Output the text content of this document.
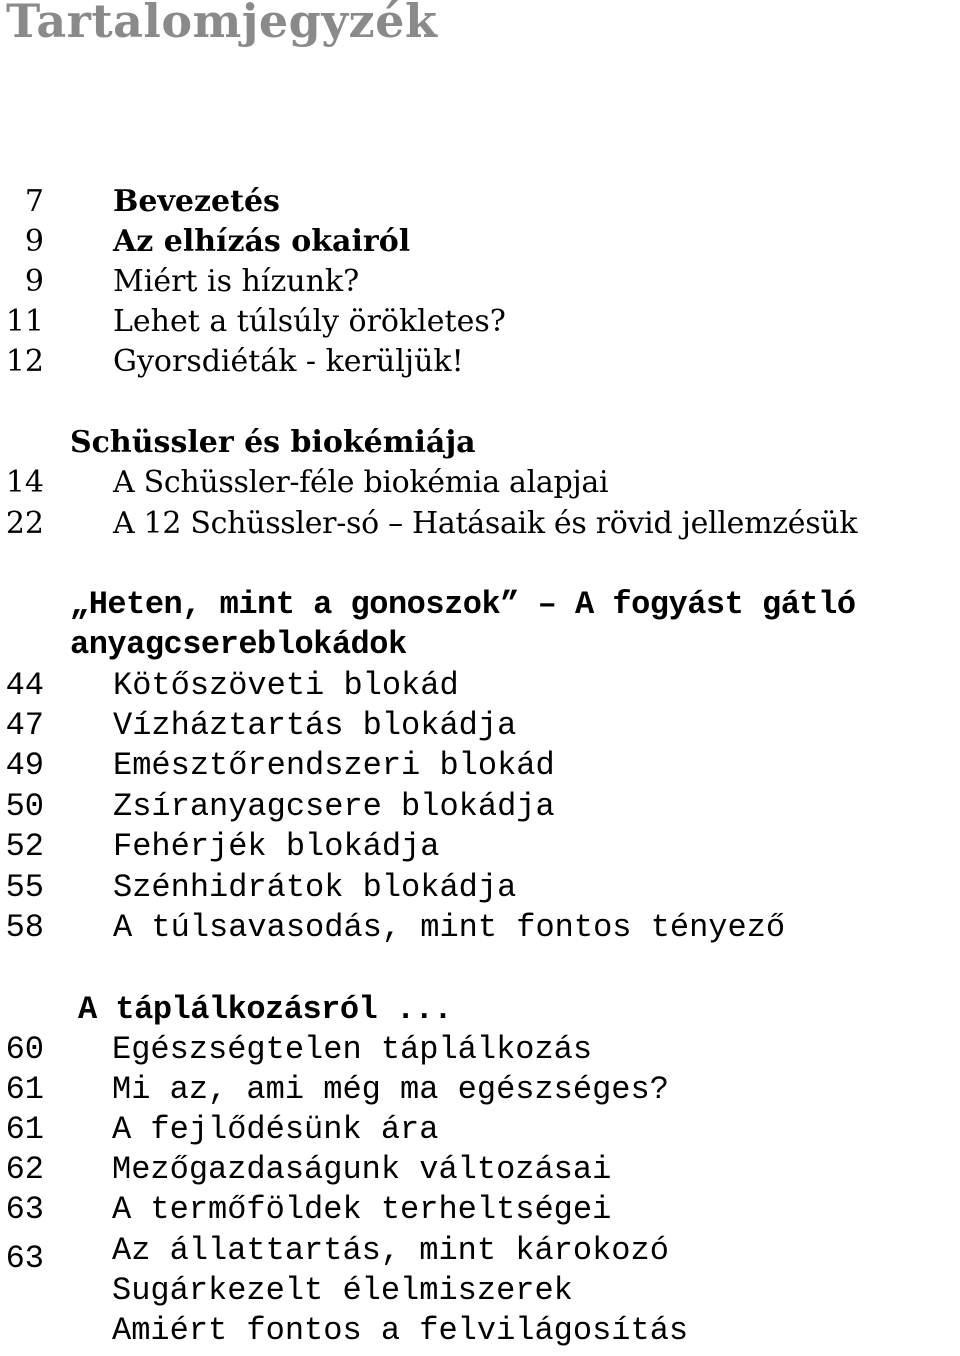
Tartalomjegyzék
7 Bevezetés
9 Az elhízás okairól
9 Miért is hízunk?
11 Lehet a túlsúly örökletes?
12 Gyorsdiéták - kerüljük!
Schüssler és biokémiája
14 A Schüssler-féle biokémia alapjai
22 A 12 Schüssler-só – Hatásaik és rövid jellemzésük
„Heten, mint a gonoszok” – A fogyást gátló
anyagcsereblokádok
44 Kötőszöveti blokád
47 Vízháztartás blokádja
49 Emésztőrendszeri blokád
50 Zsíranyagcsere blokádja
52 Fehérjék blokádja
55 Szénhidrátok blokádja
58 A túlsavasodás, mint fontos tényező
A táplálkozásról ...
60 Egészségtelen táplálkozás
61 Mi az, ami még ma egészséges?
61 A fejlődésünk ára
62 Mezőgazdaságunk változásai
63 A termőföldek terheltségei
63 Az állattartás, mint károkozó
Sugárkezelt élelmiszerek
Amiért fontos a felvilágosítás
